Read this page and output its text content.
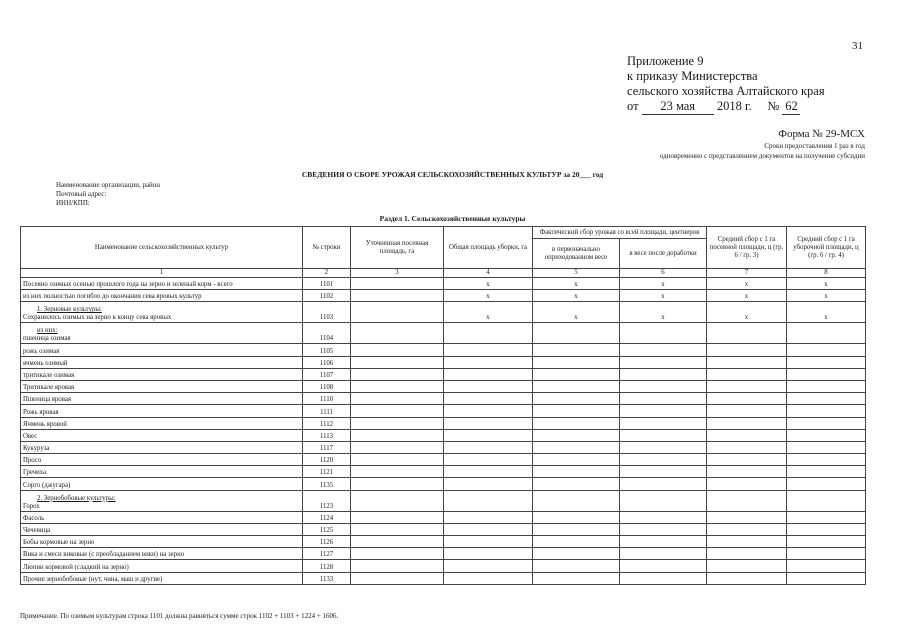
31
Приложение 9
к приказу Министерства
сельского хозяйства Алтайского края
от 23 мая 2018 г. № 62
Форма № 29-МСХ
Сроки предоставления 1 раз в год
одновременно с представлением документов на получение субсидии
СВЕДЕНИЯ О СБОРЕ УРОЖАЯ СЕЛЬСКОХОЗЯЙСТВЕННЫХ КУЛЬТУР за 20___ год
Наименование организации, район
Почтовый адрес:
ИНН/КПП:
Раздел 1. Сельскохозяйственные культуры
Наименование сельскохозяйственных культур	№ строки	Уточненная посевная площадь, га	Общая площадь уборки, га	Фактический сбор урожая со всей площади, центнеров		Средний сбор с 1 га посевной площади, ц (гр. 6 / гр. 3)	Средний сбор с 1 га уборочной площади, ц (гр. 6 / гр. 4)
				в первоначально оприходованном весе	в весе после доработки		
1	2	3	4	5	6	7	8

Посеяно озимых осенью прошлого года на зерно и зеленый корм - всего	1101		x	x	x	x	x

из них полностью погибло до окончания сева яровых культур	1102		x	x	x	x	x

1. Зерновые культуры:
Сохранилось озимых на зерно к концу сева яровых	1103		x	x	x	x	x

из них:
пшеница озимая	1104						

рожь озимая	1105						

ячмень озимый	1106						

тритикале озимая	1107						

Тритикале яровая	1108						

Пшеница яровая	1110						

Рожь яровая	1111						

Ячмень яровой	1112						

Овес	1113						

Кукуруза	1117						

Просо	1120						

Гречиха	1121						

Сорго (джугара)	1135						

2. Зернобобовые культуры:
Горох	1123						

Фасоль	1124						

Чечевица	1125						

Бобы кормовые на зерно	1126						

Вика и смеси виковые (с преобладанием вики) на зерно	1127						

Люпин кормовой (сладкий на зерно)	1128						

Прочие зернобобовые (нут, чина, маш и другие)	1133						
Примечание. По озимым культурам строка 1101 должна равняться сумме строк 1102 + 1103 + 1224 + 1606.
